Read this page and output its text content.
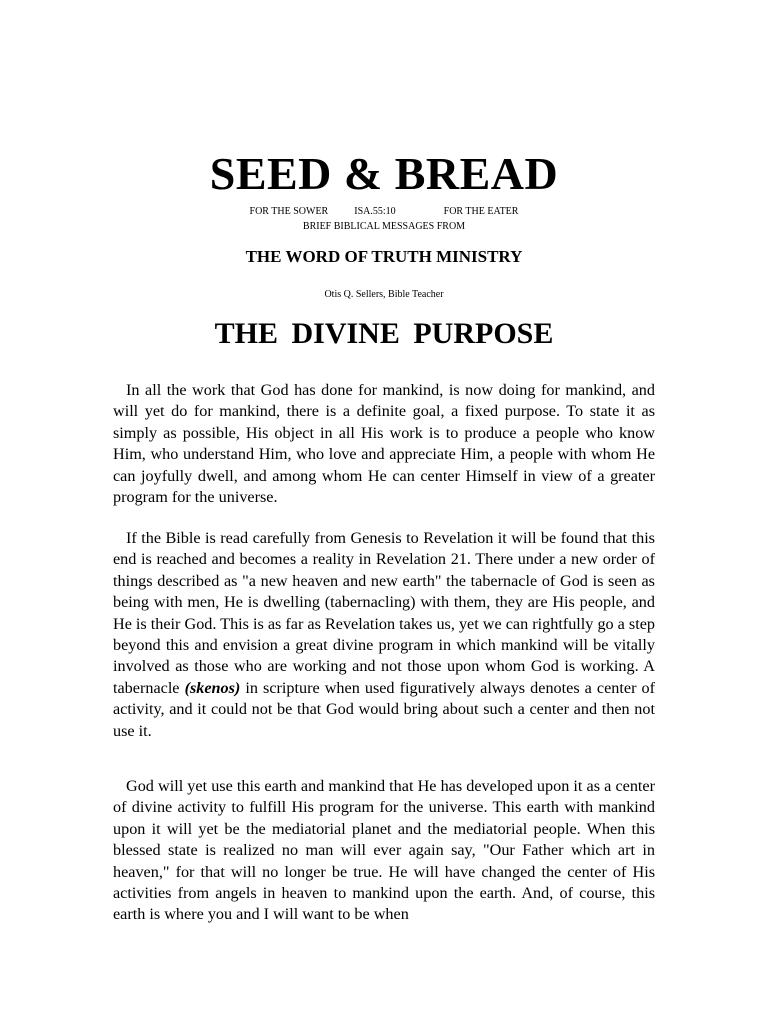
SEED & BREAD
FOR THE SOWER	ISA.55:10	FOR THE EATER
BRIEF BIBLICAL MESSAGES FROM
THE WORD OF TRUTH MINISTRY
Otis Q. Sellers, Bible Teacher
THE DIVINE PURPOSE

In all the work that God has done for mankind, is now doing for mankind, and will yet do for mankind, there is a definite goal, a fixed purpose. To state it as simply as possible, His object in all His work is to produce a people who know Him, who understand Him, who love and appreciate Him, a people with whom He can joyfully dwell, and among whom He can center Himself in view of a greater program for the universe.

If the Bible is read carefully from Genesis to Revelation it will be found that this end is reached and becomes a reality in Revelation 21. There under a new order of things described as "a new heaven and new earth" the tabernacle of God is seen as being with men, He is dwelling (tabernacling) with them, they are His people, and He is their God. This is as far as Revelation takes us, yet we can rightfully go a step beyond this and envision a great divine program in which mankind will be vitally involved as those who are working and not those upon whom God is working. A tabernacle (skenos) in scripture when used figuratively always denotes a center of activity, and it could not be that God would bring about such a center and then not use it.

God will yet use this earth and mankind that He has developed upon it as a center of divine activity to fulfill His program for the universe. This earth with mankind upon it will yet be the mediatorial planet and the mediatorial people. When this blessed state is realized no man will ever again say, "Our Father which art in heaven," for that will no longer be true. He will have changed the center of His activities from angels in heaven to mankind upon the earth. And, of course, this earth is where you and I will want to be when
